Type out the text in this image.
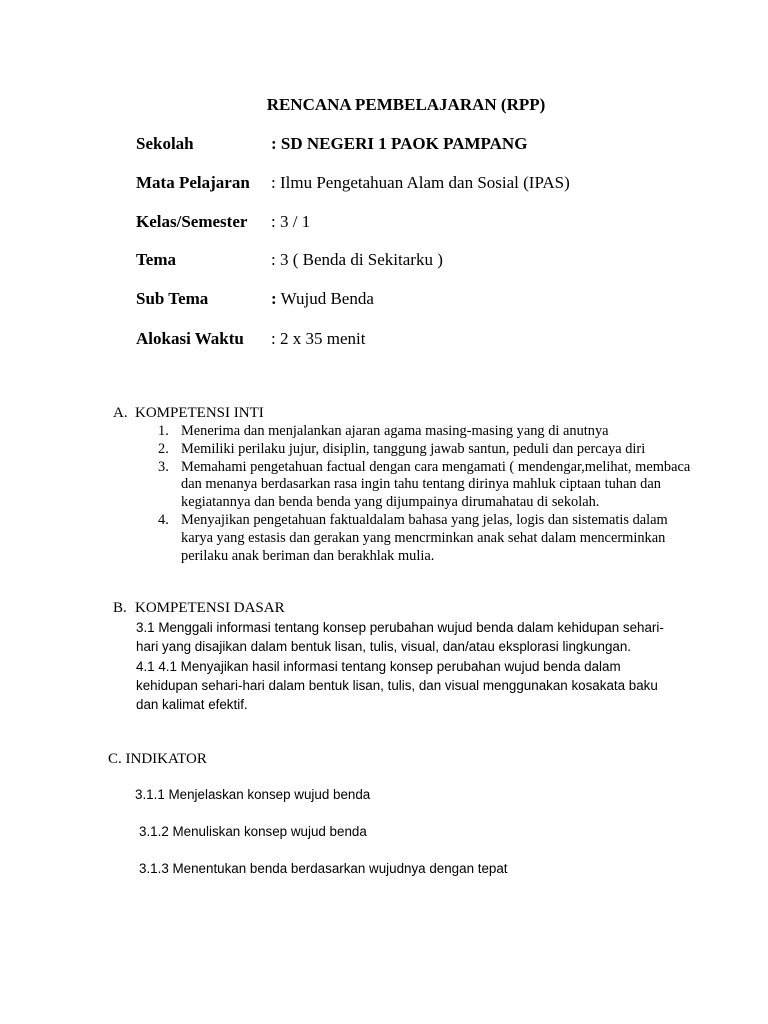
RENCANA PEMBELAJARAN (RPP)
Sekolah	: SD NEGERI 1 PAOK PAMPANG
Mata Pelajaran : Ilmu Pengetahuan Alam dan Sosial (IPAS)
Kelas/Semester : 3 / 1
Tema	: 3 ( Benda di Sekitarku )
Sub Tema	: Wujud Benda
Alokasi Waktu : 2 x 35 menit
A. KOMPETENSI INTI
1. Menerima dan menjalankan ajaran agama masing-masing yang di anutnya
2. Memiliki perilaku jujur, disiplin, tanggung jawab santun, peduli dan percaya diri
3. Memahami pengetahuan factual dengan cara mengamati ( mendengar,melihat, membaca dan menanya berdasarkan rasa ingin tahu tentang dirinya mahluk ciptaan tuhan dan kegiatannya dan benda benda yang dijumpainya dirumahatau di sekolah.
4. Menyajikan pengetahuan faktualdalam bahasa yang jelas, logis dan sistematis dalam karya yang estasis dan gerakan yang mencrminkan anak sehat dalam mencerminkan perilaku anak beriman dan berakhlak mulia.
B. KOMPETENSI DASAR

3.1 Menggali informasi tentang konsep perubahan wujud benda dalam kehidupan sehari-hari yang disajikan dalam bentuk lisan, tulis, visual, dan/atau eksplorasi lingkungan.

4.1 4.1 Menyajikan hasil informasi tentang konsep perubahan wujud benda dalam kehidupan sehari-hari dalam bentuk lisan, tulis, dan visual menggunakan kosakata baku dan kalimat efektif.

C. INDIKATOR
3.1.1 Menjelaskan konsep wujud benda
3.1.2 Menuliskan konsep wujud benda
3.1.3 Menentukan benda berdasarkan wujudnya dengan tepat
